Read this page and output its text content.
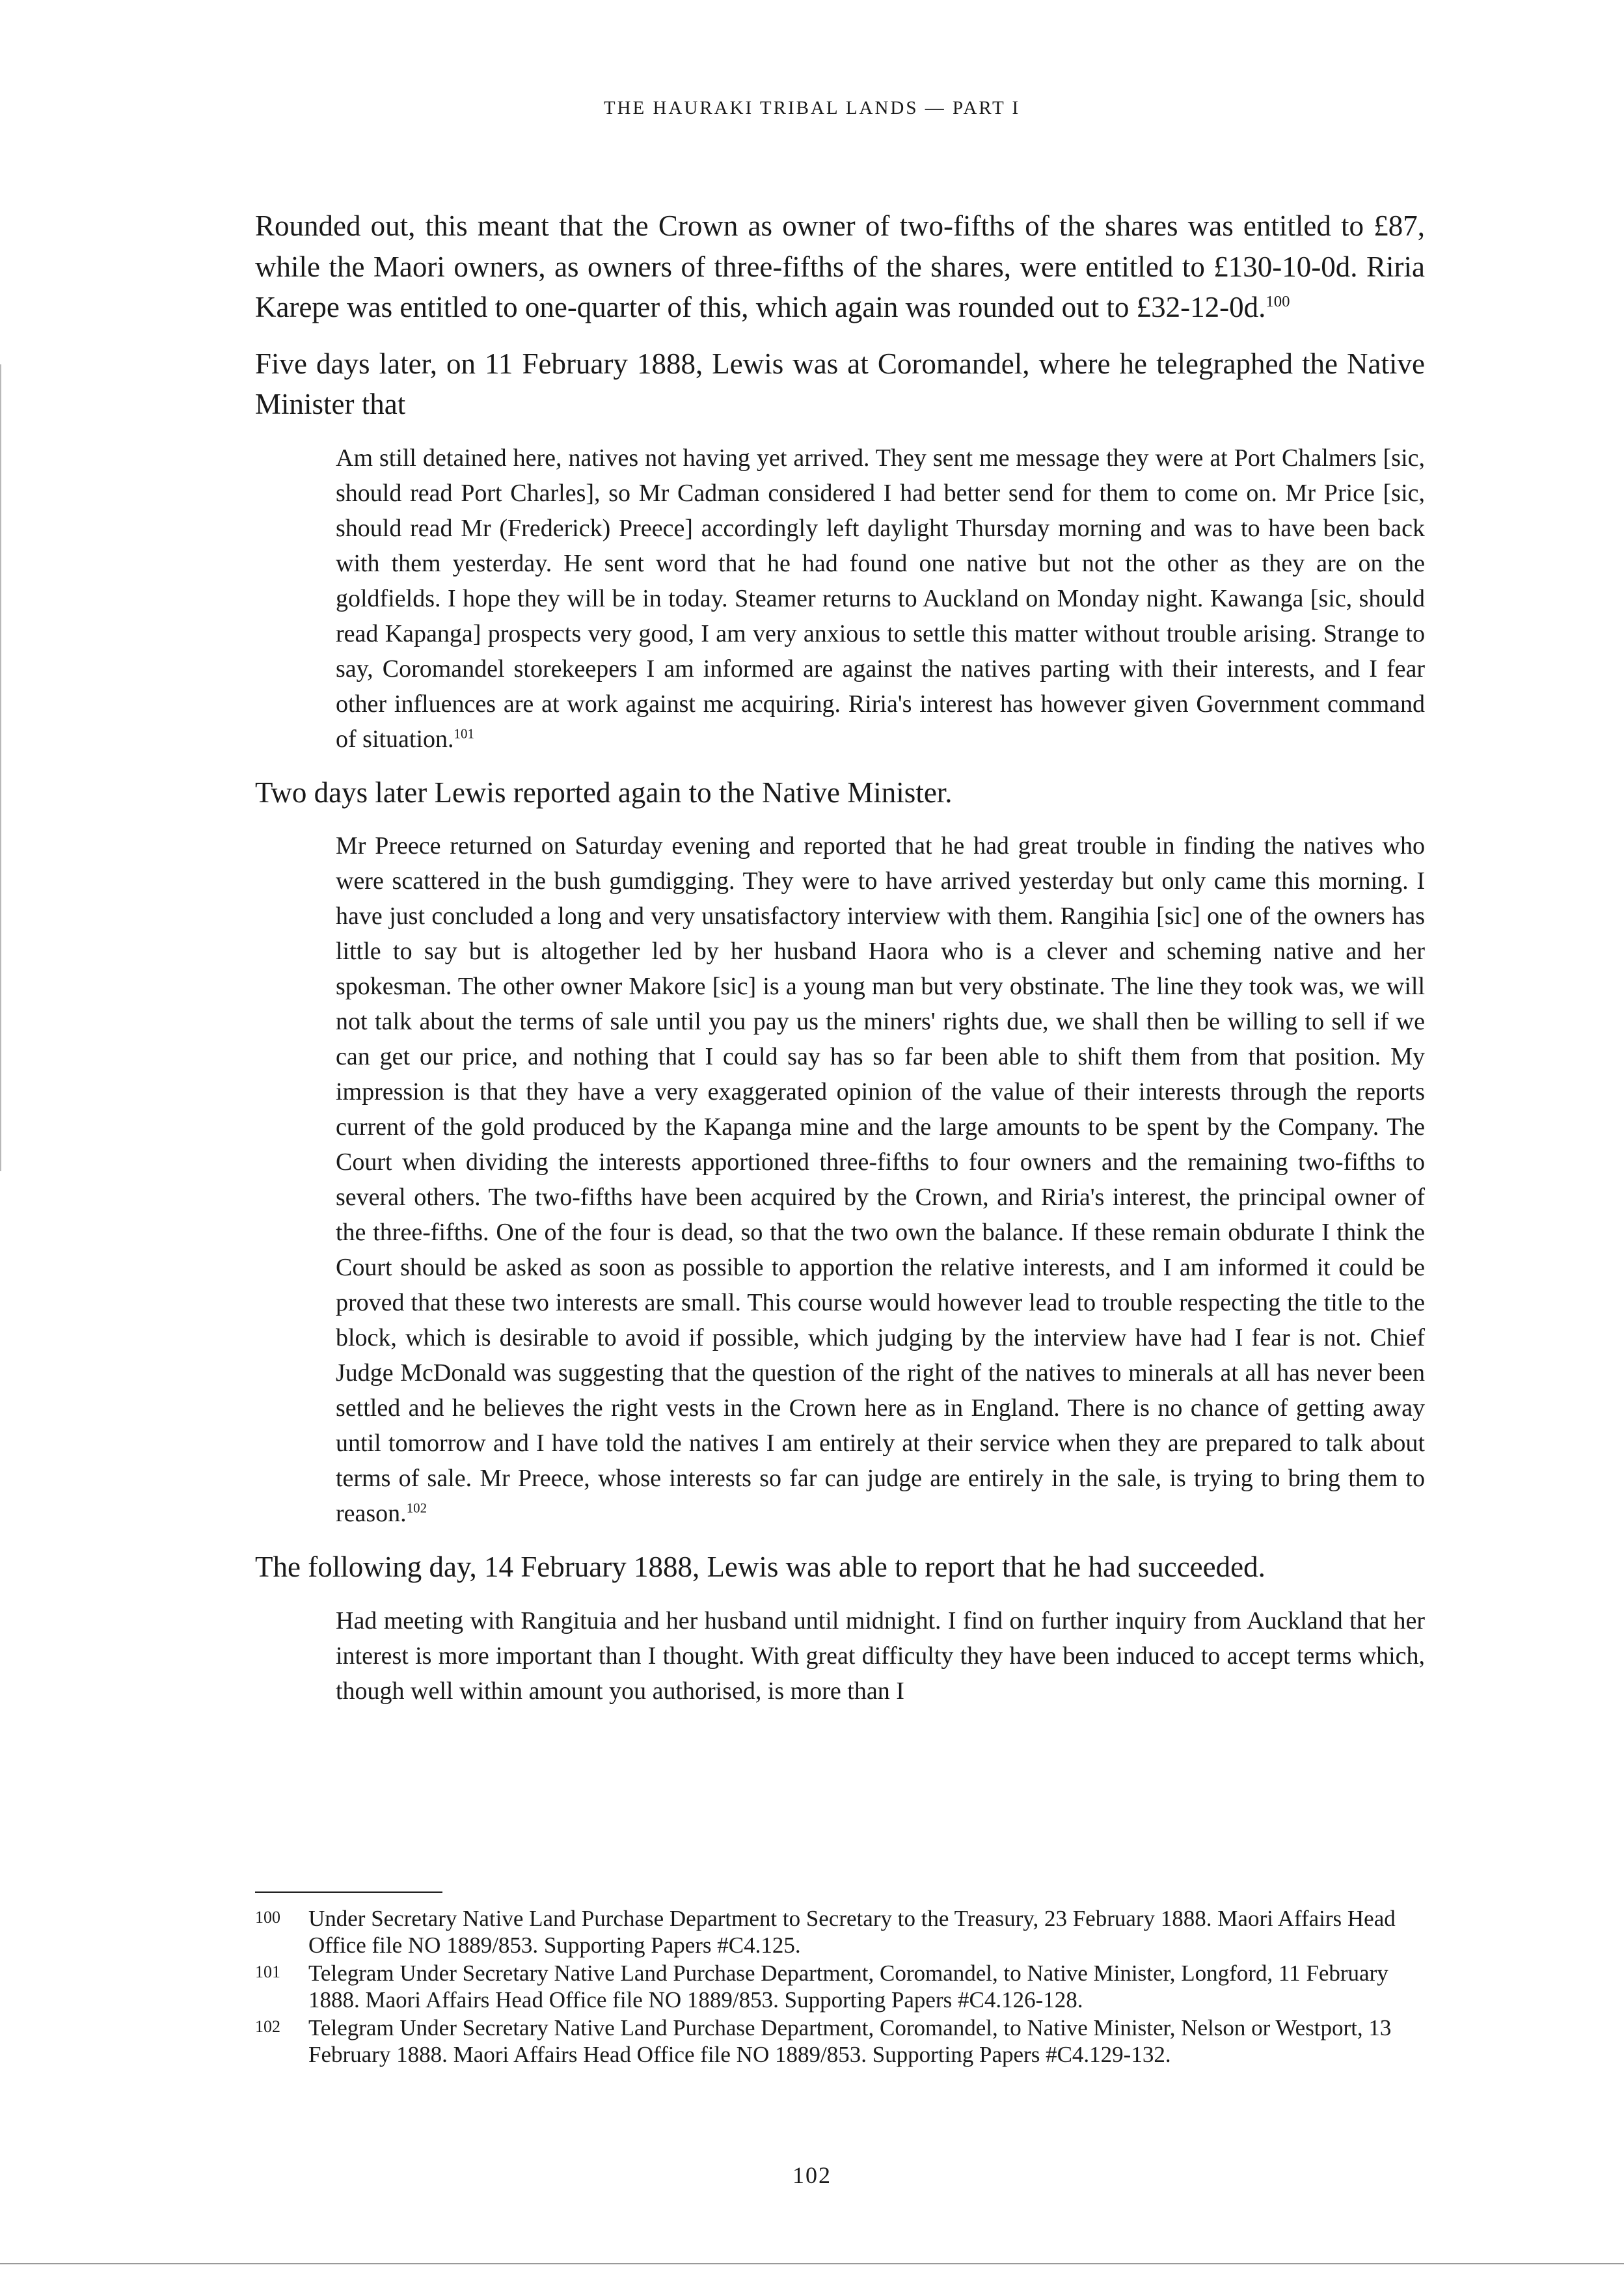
THE HAURAKI TRIBAL LANDS — PART I

Rounded out, this meant that the Crown as owner of two-fifths of the shares was entitled to £87, while the Maori owners, as owners of three-fifths of the shares, were entitled to £130-10-0d. Riria Karepe was entitled to one-quarter of this, which again was rounded out to £32-12-0d.$^{100}$

Five days later, on 11 February 1888, Lewis was at Coromandel, where he telegraphed the Native Minister that

Am still detained here, natives not having yet arrived. They sent me message they were at Port Chalmers [sic, should read Port Charles], so Mr Cadman considered I had better send for them to come on. Mr Price [sic, should read Mr (Frederick) Preece] accordingly left daylight Thursday morning and was to have been back with them yesterday. He sent word that he had found one native but not the other as they are on the goldfields. I hope they will be in today. Steamer returns to Auckland on Monday night. Kawanga [sic, should read Kapanga] prospects very good, I am very anxious to settle this matter without trouble arising. Strange to say, Coromandel storekeepers I am informed are against the natives parting with their interests, and I fear other influences are at work against me acquiring. Riria's interest has however given Government command of situation.$^{101}$

Two days later Lewis reported again to the Native Minister.

Mr Preece returned on Saturday evening and reported that he had great trouble in finding the natives who were scattered in the bush gumdigging. They were to have arrived yesterday but only came this morning. I have just concluded a long and very unsatisfactory interview with them. Rangihia [sic] one of the owners has little to say but is altogether led by her husband Haora who is a clever and scheming native and her spokesman. The other owner Makore [sic] is a young man but very obstinate. The line they took was, we will not talk about the terms of sale until you pay us the miners' rights due, we shall then be willing to sell if we can get our price, and nothing that I could say has so far been able to shift them from that position. My impression is that they have a very exaggerated opinion of the value of their interests through the reports current of the gold produced by the Kapanga mine and the large amounts to be spent by the Company. The Court when dividing the interests apportioned three-fifths to four owners and the remaining two-fifths to several others. The two-fifths have been acquired by the Crown, and Riria's interest, the principal owner of the three-fifths. One of the four is dead, so that the two own the balance. If these remain obdurate I think the Court should be asked as soon as possible to apportion the relative interests, and I am informed it could be proved that these two interests are small. This course would however lead to trouble respecting the title to the block, which is desirable to avoid if possible, which judging by the interview have had I fear is not. Chief Judge McDonald was suggesting that the question of the right of the natives to minerals at all has never been settled and he believes the right vests in the Crown here as in England. There is no chance of getting away until tomorrow and I have told the natives I am entirely at their service when they are prepared to talk about terms of sale. Mr Preece, whose interests so far can judge are entirely in the sale, is trying to bring them to reason.$^{102}$

The following day, 14 February 1888, Lewis was able to report that he had succeeded.

Had meeting with Rangituia and her husband until midnight. I find on further inquiry from Auckland that her interest is more important than I thought. With great difficulty they have been induced to accept terms which, though well within amount you authorised, is more than I
100	Under Secretary Native Land Purchase Department to Secretary to the Treasury, 23 February 1888. Maori Affairs Head Office file NO 1889/853. Supporting Papers #C4.125.
101	Telegram Under Secretary Native Land Purchase Department, Coromandel, to Native Minister, Longford, 11 February 1888. Maori Affairs Head Office file NO 1889/853. Supporting Papers #C4.126-128.
102	Telegram Under Secretary Native Land Purchase Department, Coromandel, to Native Minister, Nelson or Westport, 13 February 1888. Maori Affairs Head Office file NO 1889/853. Supporting Papers #C4.129-132.
102
